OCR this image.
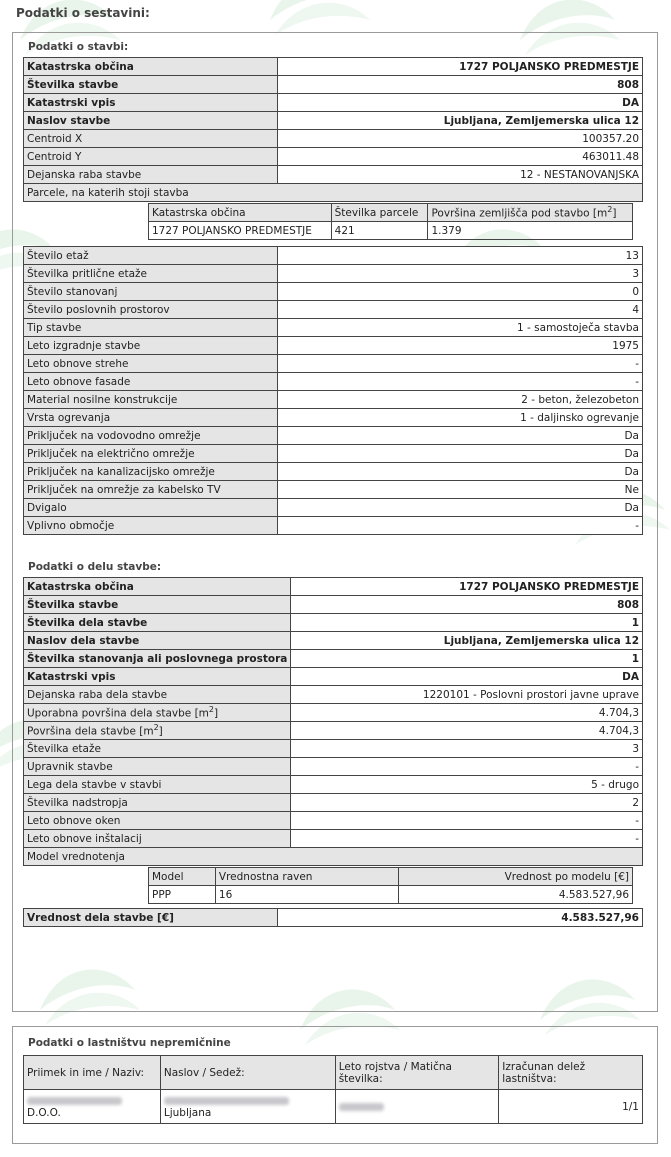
Podatki o sestavini:
Podatki o stavbi:
Katastrska občina	1727 POLJANSKO PREDMESTJE
Številka stavbe	808
Katastrski vpis	DA
Naslov stavbe	Ljubljana, Zemljemerska ulica 12
Centroid X	100357.20
Centroid Y	463011.48
Dejanska raba stavbe	12 - NESTANOVANJSKA
Parcele, na katerih stoji stavba	
Katastrska občina	Številka parcele	Površina zemljišča pod stavbo $[m^2]$
1727 POLJANSKO PREDMESTJE	421	1.379
Število etaž	13
Številka pritlične etaže	3
Število stanovanj	0
Število poslovnih prostorov	4
Tip stavbe	1 - samostoječa stavba
Leto izgradnje stavbe	1975
Leto obnove strehe	-
Leto obnove fasade	-
Material nosilne konstrukcije	2 - beton, železobeton
Vrsta ogrevanja	1 - daljinsko ogrevanje
Priključek na vodovodno omrežje	Da
Priključek na električno omrežje	Da
Priključek na kanalizacijsko omrežje	Da
Priključek na omrežje za kabelsko TV	Ne
Dvigalo	Da
Vplivno območje	-
Podatki o delu stavbe:
Katastrska občina	1727 POLJANSKO PREDMESTJE
Številka stavbe	808
Številka dela stavbe	1
Naslov dela stavbe	Ljubljana, Zemljemerska ulica 12
Številka stanovanja ali poslovnega prostora	1
Katastrski vpis	DA
Dejanska raba dela stavbe	1220101 - Poslovni prostori javne uprave
Uporabna površina dela stavbe $[m^2]$	4.704,3
Površina dela stavbe $[m^2]$	4.704,3
Številka etaže	3
Upravnik stavbe	-
Lega dela stavbe v stavbi	5 - drugo
Številka nadstropja	2
Leto obnove oken	-
Leto obnove inštalacij	-
Model vrednotenja	
Model	Vrednostna raven	Vrednost po modelu [€]
PPP	16	4.583.527,96
Vrednost dela stavbe [€]	4.583.527,96
Podatki o lastništvu nepremičnine
Priimek in ime / Naziv:	Naslov / Sedež:	Leto rojstva / Matična številka:	Izračunan delež lastništva:

D.O.O.	Ljubljana		1/1
